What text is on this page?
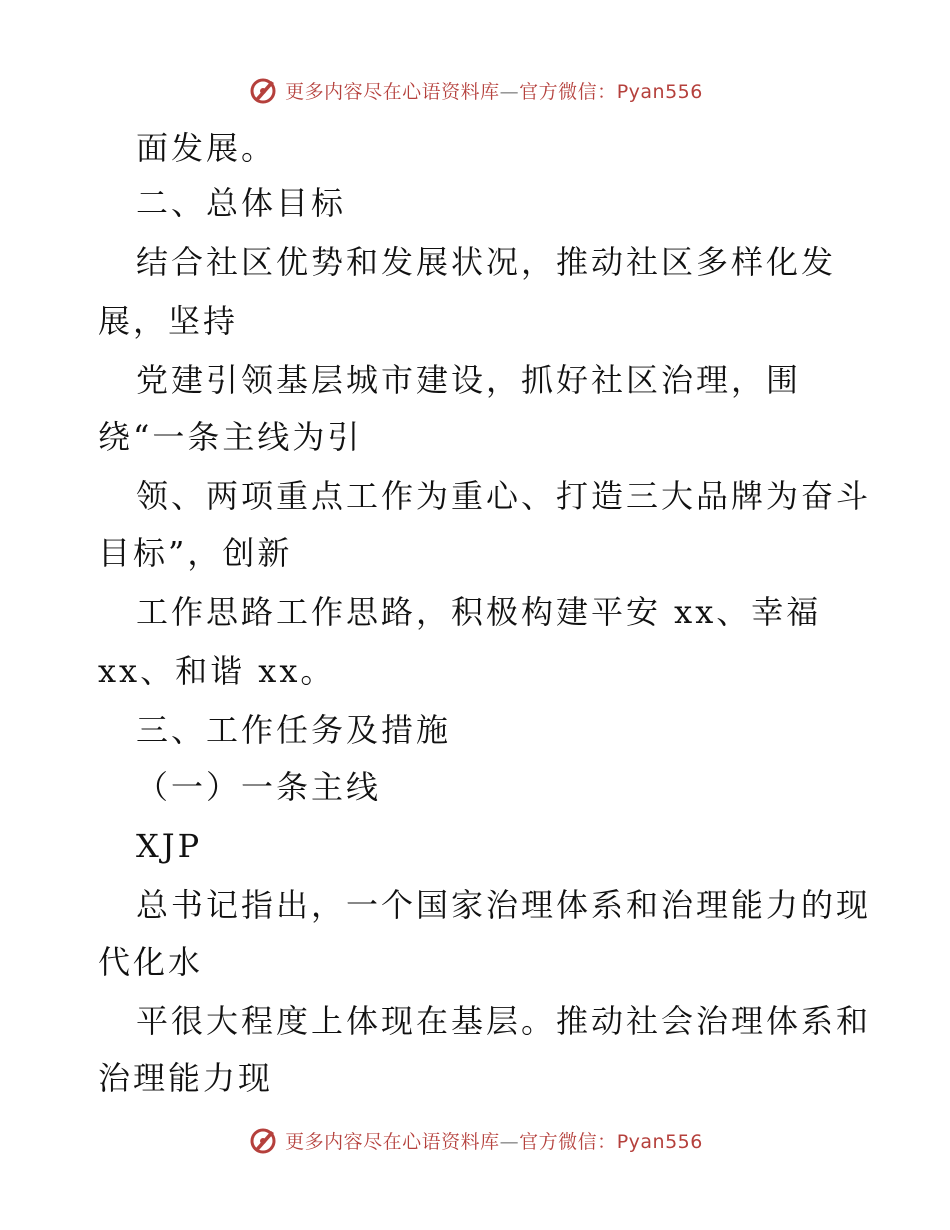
更多内容尽在心语资料库—官方微信：Pyan556
面发展。
二、总体目标
结合社区优势和发展状况，推动社区多样化发
展，坚持
党建引领基层城市建设，抓好社区治理，围
绕“一条主线为引
领、两项重点工作为重心、打造三大品牌为奋斗
目标”，创新
工作思路工作思路，积极构建平安 xx、幸福
xx、和谐 xx。
三、工作任务及措施
（一）一条主线
XJP
总书记指出，一个国家治理体系和治理能力的现
代化水
平很大程度上体现在基层。推动社会治理体系和
治理能力现
更多内容尽在心语资料库—官方微信：Pyan556
